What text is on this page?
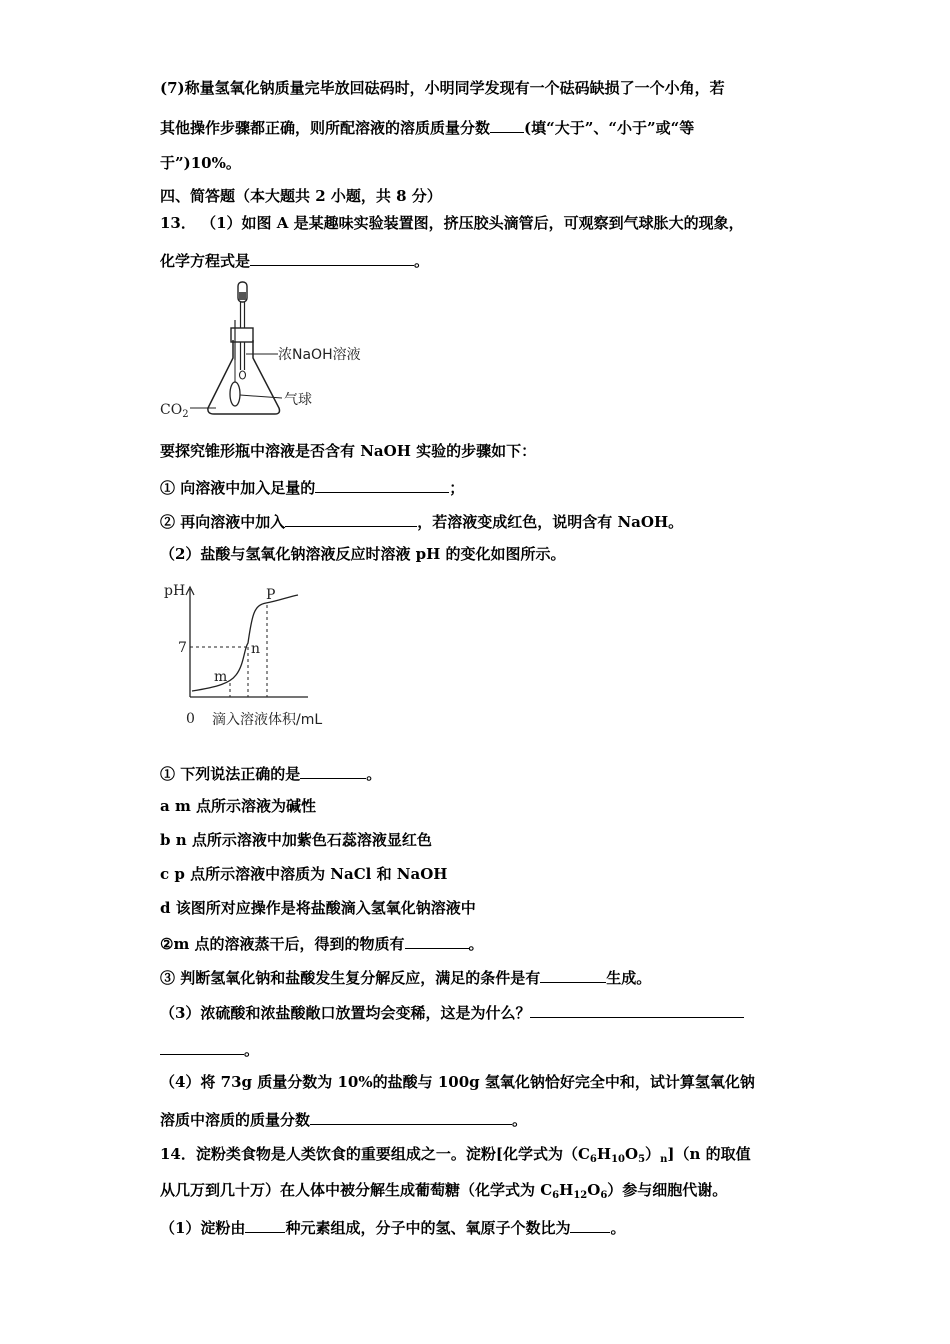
(7)称量氢氧化钠质量完毕放回砝码时，小明同学发现有一个砝码缺损了一个小角，若
其他操作步骤都正确，则所配溶液的溶质质量分数 (填“大于”、“小于”或“等
于”)10%。
四、简答题（本大题共 2 小题，共 8 分）
13． （1）如图 A 是某趣味实验装置图，挤压胶头滴管后，可观察到气球胀大的现象，
化学方程式是	。
浓NaOH溶液
气球
$CO_2$
要探究锥形瓶中溶液是否含有 NaOH 实验的步骤如下：
① 向溶液中加入足量的	；
② 再向溶液中加入	，若溶液变成红色，说明含有 NaOH。
（2）盐酸与氢氧化钠溶液反应时溶液 pH 的变化如图所示。
pH
7
m
n
P
0 滴入溶液体积/mL
① 下列说法正确的是	。
a m 点所示溶液为碱性
b n 点所示溶液中加紫色石蕊溶液显红色
c p 点所示溶液中溶质为 NaCl 和 NaOH
d 该图所对应操作是将盐酸滴入氢氧化钠溶液中
②m 点的溶液蒸干后，得到的物质有	。
③ 判断氢氧化钠和盐酸发生复分解反应，满足的条件是有	生成。
（3）浓硫酸和浓盐酸敞口放置均会变稀，这是为什么？
。
（4）将 73g 质量分数为 10%的盐酸与 100g 氢氧化钠恰好完全中和，试计算氢氧化钠
溶质中溶质的质量分数	。
14．淀粉类食物是人类饮食的重要组成之一。淀粉[化学式为$(C_6H_{10}O_5)_n](n$ 的取值
从几万到几十万）在人体中被分解生成葡萄糖（化学式为 $C_6H_{12}O_6$）参与细胞代谢。
（1）淀粉由	种元素组成，分子中的氢、氧原子个数比为	。
